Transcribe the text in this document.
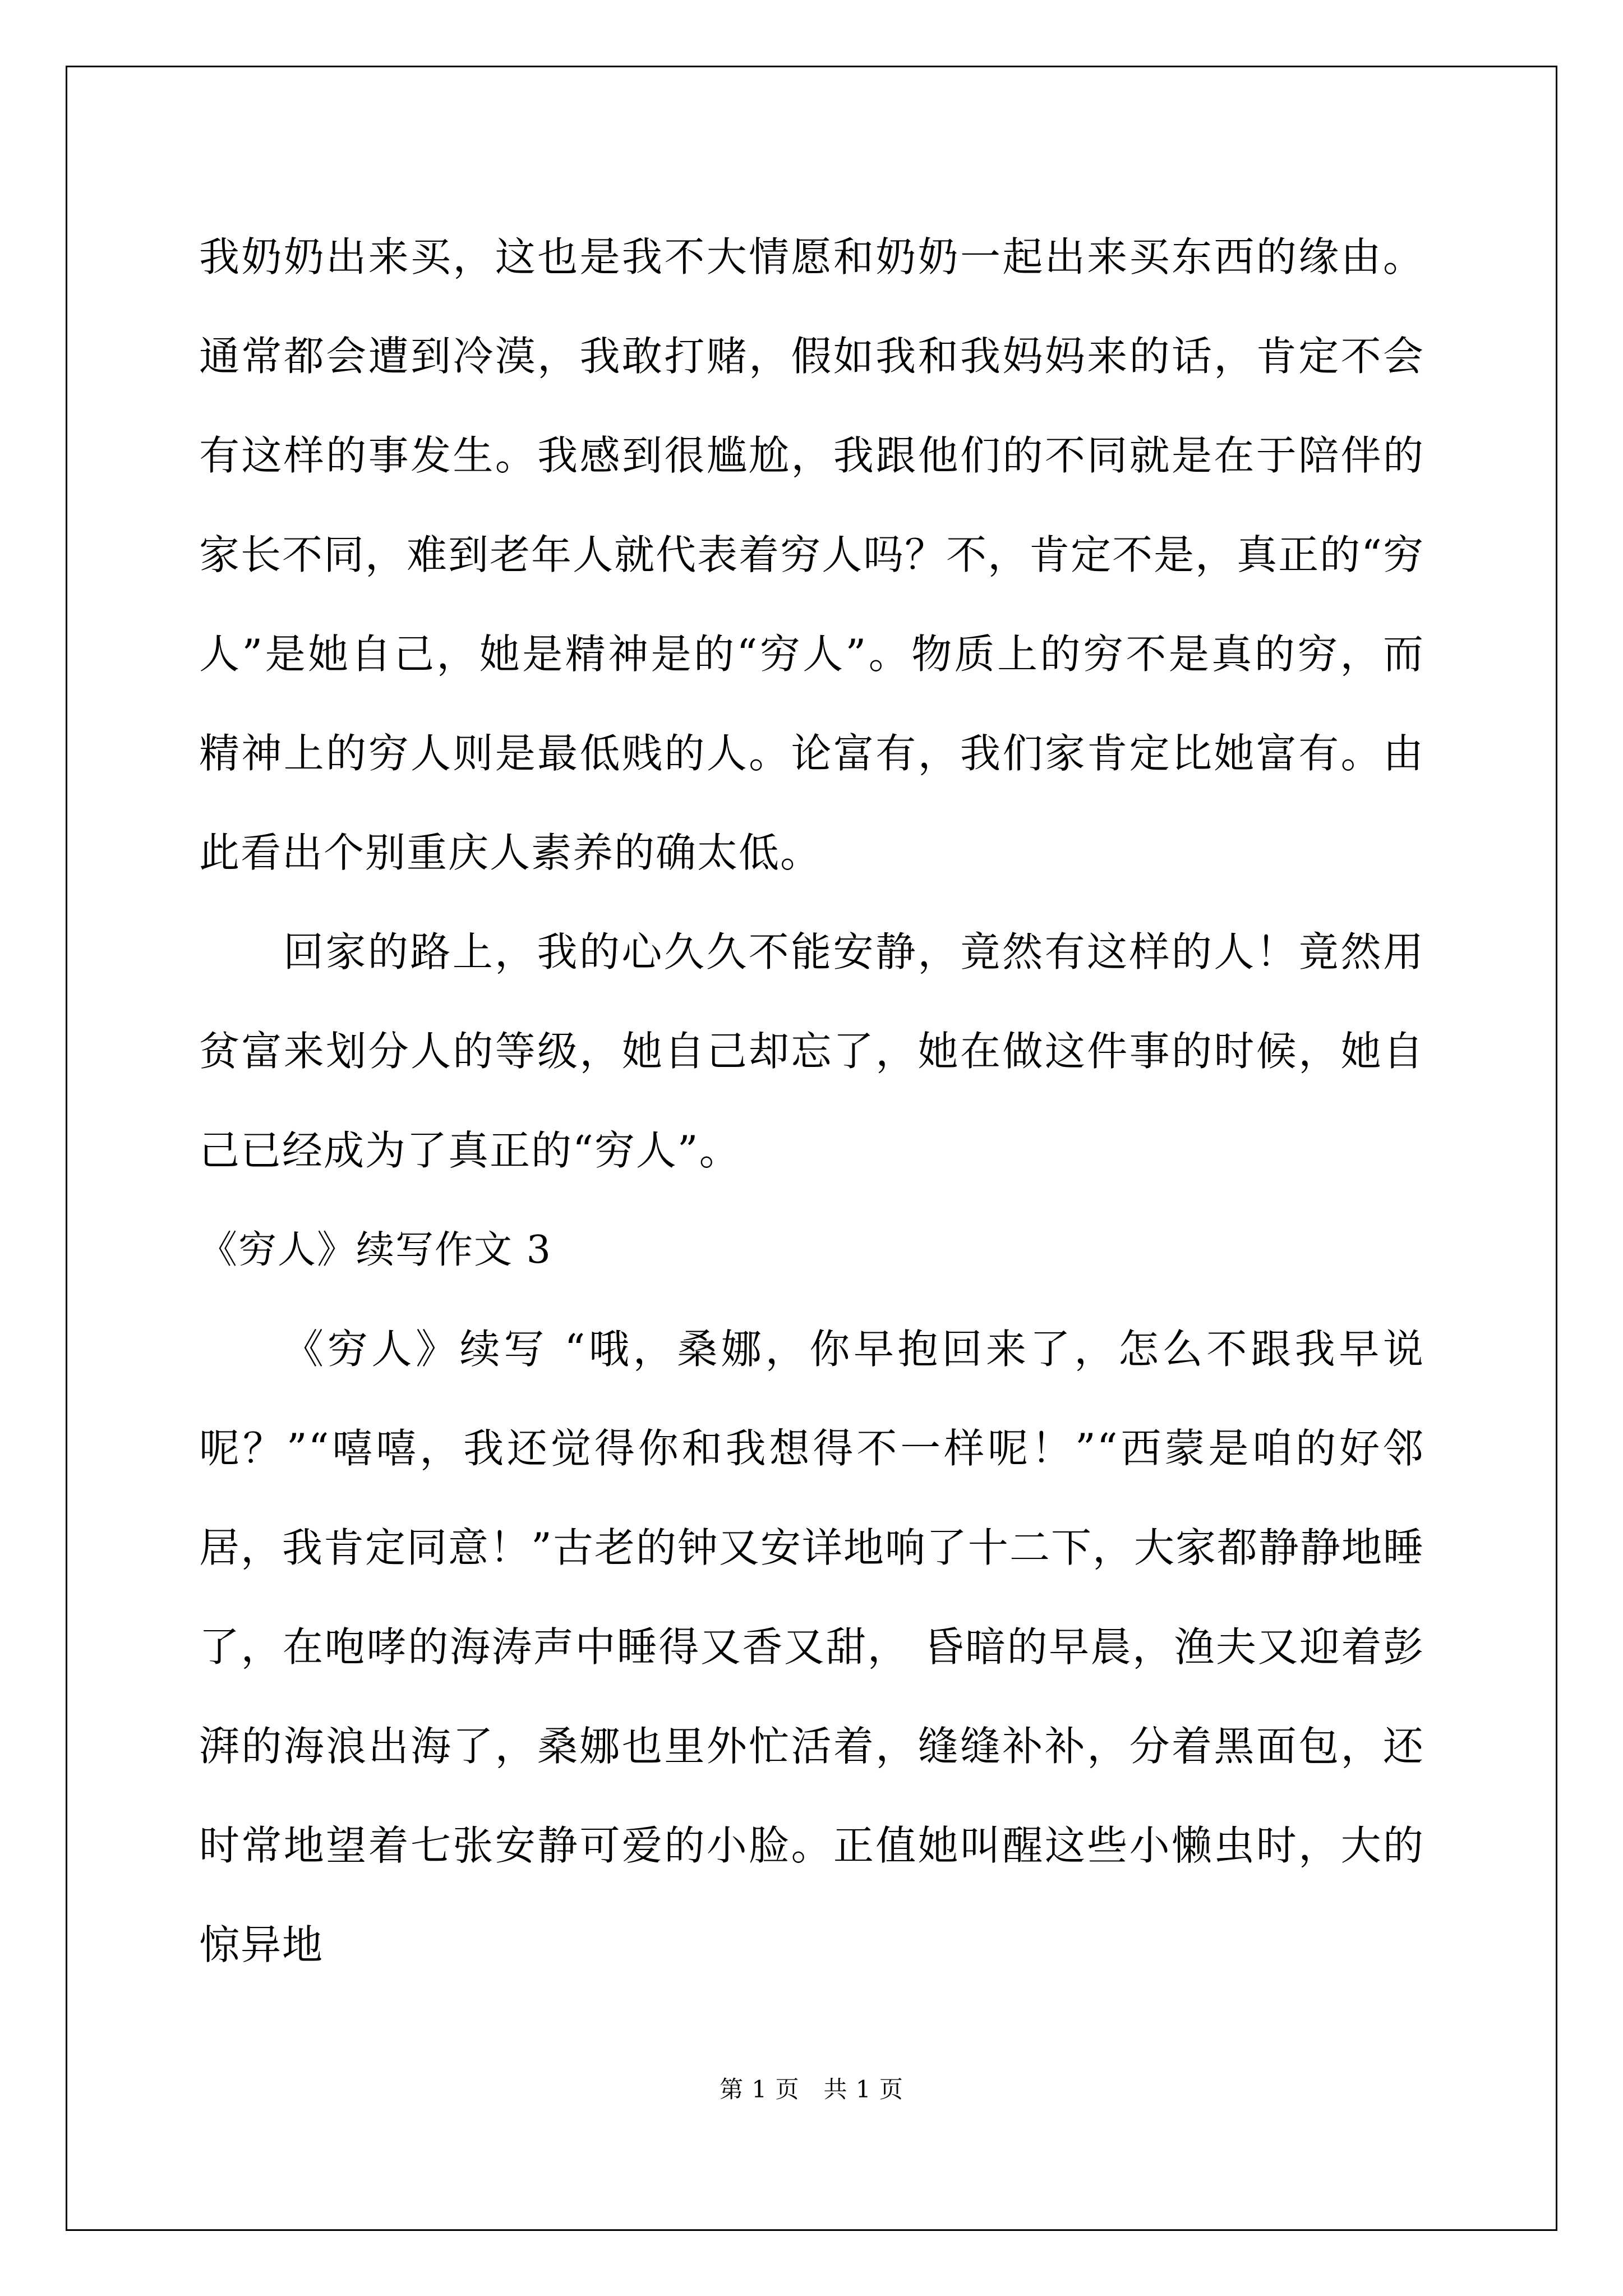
我奶奶出来买，这也是我不大情愿和奶奶一起出来买东西的缘由。通常都会遭到冷漠，我敢打赌，假如我和我妈妈来的话，肯定不会有这样的事发生。我感到很尴尬，我跟他们的不同就是在于陪伴的家长不同，难到老年人就代表着穷人吗？不，肯定不是，真正的“穷人”是她自己，她是精神是的“穷人”。物质上的穷不是真的穷，而精神上的穷人则是最低贱的人。论富有，我们家肯定比她富有。由此看出个别重庆人素养的确太低。

回家的路上，我的心久久不能安静，竟然有这样的人！竟然用贫富来划分人的等级，她自己却忘了，她在做这件事的时候，她自己已经成为了真正的“穷人”。

《穷人》续写作文 3

《穷人》续写 “哦，桑娜，你早抱回来了，怎么不跟我早说呢？”“嘻嘻，我还觉得你和我想得不一样呢！”“西蒙是咱的好邻居，我肯定同意！”古老的钟又安详地响了十二下，大家都静静地睡了，在咆哮的海涛声中睡得又香又甜， 昏暗的早晨，渔夫又迎着彭湃的海浪出海了，桑娜也里外忙活着，缝缝补补，分着黑面包，还时常地望着七张安静可爱的小脸。正值她叫醒这些小懒虫时，大的惊异地

第 1 页　共 1 页
